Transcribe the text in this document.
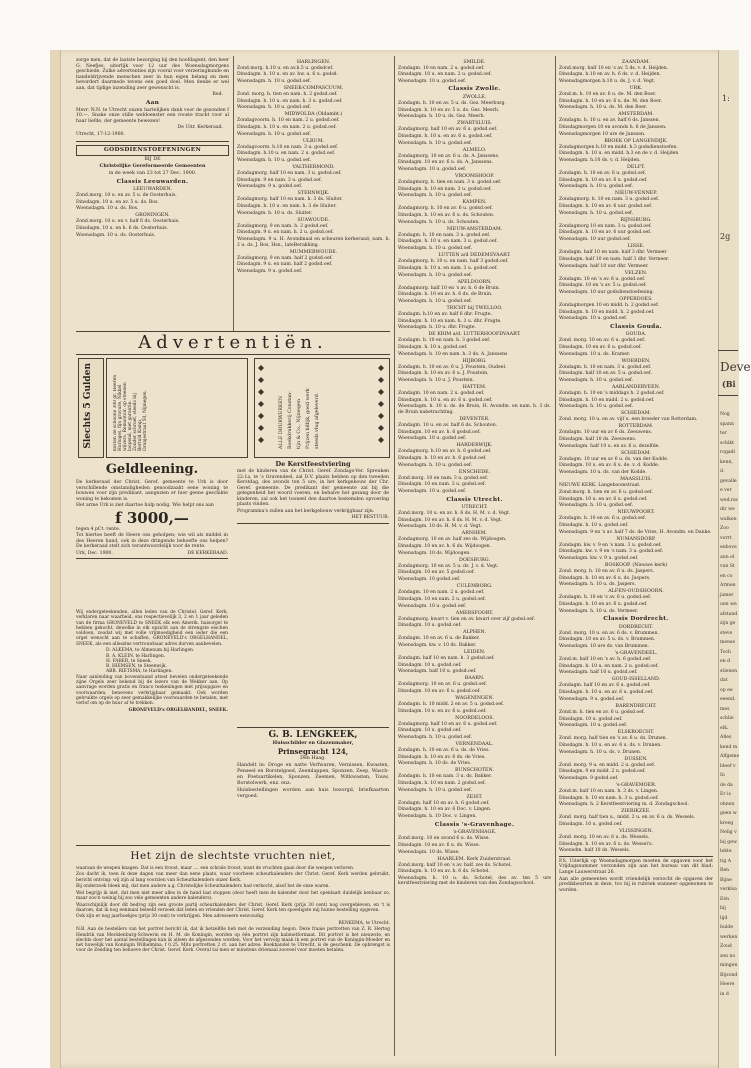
zorge men, dat de laatste bezorging bij den hoofdagent, den heer G. Neefjes, uiterlijk voor 12 uur des Woensdagmorgens geschiede. Zulke advertenties zijn vooral voor verzeringkunde en handeldrijvende menschen zeer in hun eigen belang en men bevordert daarmede tevens een goed doel. Men denke er wel aan, dat tijdige inzending zeer gewenscht is.

Red.

Aan

Mevr. N.N. te Utrecht onzen hartelijken dank voor de gezonden f 10.—. Snake onze stille weldoenster een rooste tracht voor al haar liefde, der gemeente bewezen!

De Uitr. Kerkeraad.

Utrecht, 17-12-1900.

GODSDIENSTOEFENINGEN
BIJ DE
Christelijke Gereformeerde Gemeenten
in de week van 23 tot 27 Dec. 1900.
Classis Leeuwarden.
LEEUWARDEN.

Zond.morg. 10 u. en av. 5 u. de Oosterhuis.

Dinsdagm. 10 u. en av. 5 u. ds. Bos.

Woensdagm. 10 u. ds. Bos.

GRONINGEN.

Zond.morg. 10 u. en v. half 6 ds. Oosterhuis.

Dinsdagm. 10 u. en h. 6 ds. Oosterhuis.

Woensdagm. 10 u. ds. Oosterhuis.

HARLINGEN.

Zond.morg. h.10 u. en av.h.5 u. godsdcef.

Dinsdagm. h. 10 u. en av. hw. u. 6 u. godsd.

Woensdagm. h. 10 u. godsd.oef.

SNEEK-COMPASCUUM.

Zond. morg. h. tien en nam. h. 2 godsd.oef.

Dinsdagm. h. 10 u. en nam. h. 3 u. godsd.oef.

Woensdagm. h. 10 u. godsd.oef.

MIDWOLDA (Oldambt.)

Zondagvoorm. h. 10 en nam. 2 u. godsd.oef.

Dinsdagm. h. 10 u. en nam. 2 u. godsd.oef.

Woensdagm. h. 10 u. godsd.oef.

ULRUM.

Zondagvoorm. h.10 en nam. 3 u. godsd.oef.

Dinsdagm. h.10 u. en nam. 2 u. godsd.oef.

Woensdagm. h. 10 u. godsd.oef.

VALTHERMOND.

Zondagmorg. half 10 en nam. 3 u. godsd.oef.

Dinsdagm. 9 en nam. 3 u. godsd.oef.

Woensdagm. 9 u. godsd.oef.

STERNWIJK.

Zondagmorg. half 10 en nam. h. 3 ds. Sluiter.

Dinsdagm. h. 10 u. en nam. h. 3 de Sluiter.

Woensdagm. h. 10 u. ds. Sluiter.

SUAWOUDE.

Zondagmorg. 9 en nam. h. 2 godsd.oef.

Dinsdagm. 9 u. en nam. h. 2 u. godsd.oef.

Woensdagm. 9 u. H. Avondmaal en scheuren kerkeraad; nam. h. 2 u. ds. J. Bos, Hsn., lateBerakking.

MUMMERWOUDE.

Zondagmorg. 9 en nam. half 2 godsd.oef.

Dinsdagm. 9 u. en nam. half 2 godsd.oef.

Woensdagm. 9 u. godsd.oef.

Advertentiën.
Slechts 5 Gulden	kosten de schoone 300 gr. Heeren Horloges, fijn gravure, Nikkel wijzers, Remontoir, op steenen loopend, met garantie. Zonder schroef, steeds bij Bertold Kamp, Oranjestraat 50, Nijmegen.	ALLE DRUKWERKEN Boekdrukkerij Constan- tijn & Co., Nijmegen Prijzen billijk, goed werk steeds vlug afgeleverd.
Geldleening.

De kerkeraad der Christ. Geref. gemeente te Urk is door verschillende omstandigheden genoodzaakt eene woning te bouwen voor zijn predikant, aangezien er hier geene geschikte woning te bekomen is.

Het arme Urk is ziet daartoe hulp nodig. Wie helpt ons aan

f 3000,—

tegen 4 pCt. rente.

Tot hiertoe heeft de Heere ons geholpen; wie wil als middel in des Heeren hand, ook in deze dringende behoefte ons helpen? De kerkeraad stelt zich verantwoordelijk voor de rente.

Urk, Dec. 1900.	DE KERKERAAD.
De Kerstfeestviering

met de kinderen van de Christ. Geref. Zondags-Ver. Spreuken 22:1a, te 's Gravendeel, zal D.V. plaats hebben op den tweeden Kerstdag, des avonds ten 5 ure, in het kerkgebouw der Chr. Geref. gemeente. De predikant der gemeente zal bij die gelegenheid het woord voeren, en behalve het gezang door de kinderen, zal ook het tooneel den daartoe bestemden opvoering plaats vinden.

Programma's zullen aan het kerkgebouw verkrijgbaar zijn.

HET BESTUUR.

Wij ondergeteekenden, allen leden van de Christel. Geref. Kerk, verklaren naar waarheid, ons respectievelijk 3, 2 en 1 jaar geleden van de firma GRONEVELD te SNEEK elk een Amerik. huisorgel te hebben gekocht, dewelke in elk opzicht aan de strengste eischen voldoen, zoodat wij met volle vrijmoedigheid een ieder die een orgel wenscht aan te schaffen, GRONEVELD's ORGELHANDEL, SNEEK, als een alleszins vertrouwbaar adres durven aanbevelen.

D. ALKEMA, te Almenum bij Harlingen.
B. A. KLEIN, te Harlingen.
H. FABER, te Sneek.
B. HIEMSEN, te Steenwijk.
ABR. RIETSMA, te Harlingen.

Naar aanleiding van bovenstaand attest bevelen ondergeteekende zijne Orgels zeer bekend bij de lezers van de Wekker aan. Op aanvrage worden gratis en franco teekeningen met prijsopgave en voorwaarden, benevens verkrijgbaar gemaakt. Ook worden gebruikte orgels op zeer gemakkelijke voorwaarden te betalen, met verlof om op de huur af te trekken.

GRONEVELD's ORGELHANDEL, SNEEK.

G. B. LENGKEEK,
Huisschilder en Glazenmaker,
Prinsegracht 124,
Den Haag.

Handelt in: Droge en natte Verfwaren, Vernissen, Kwasten, Penseel en Borstelgoed, Zeemlappen, Sponzen, Zeep, Wasch- en Poetsartikelen, Sponzen, Zeemen, Witkwasten, Touw, Borstelwerk, enz. enz.

Huisbestellingen worden aan huis bezorgd, briefkaarten vergoed.

Het zijn de slechtste vruchten niet,

waaraan de wespen knagen. Dat is een troost, maar .... een schrale troost, want de vruchten gaan door die wespen verloren.

Zoo dacht ik, toen ik deze dagen van meer dan eene plaats, waar voorheen scheurkalenders der Christ. Geref. Kerk werden gebruikt, bericht ontving: wij zijn al lang voorzien van Scheurkalenders onzer Kerk.

Bij onderzoek bleek mij, dat men andere a.g. Christelijke Scheurkalenders had verkocht, alsof het de onze waren.

Wel begrijp ik niet, dat men niet meer alles in de hand laat stoppen (door heeft men de kalender door het openlaatt duidelijk kenbaar zo, maar zoo'n weinig bij zoo vele gemeenten andere kalenders).

Waarschijnlijk door dit bedrog zijn een groote partij scheurkalenders der Christ. Geref. Kerk (prijs 30 cent) nog overgebleven, en 't is daarom, dat ik nog eenmaal beleefd verzoek dat leden en vrienden der Christ. Geref. Kerk ten spoedigste mij hunne bestelling opgeven.

Ook zijn er nog jaarboekjes (prijs 30 cent) te verkrijgen. Men adresseere eenvoudig:

RENKEMA, te Utrecht.

N.B. Aan de bestellers van het portret bericht ik, dat ik hetzelfde heb met de verzending begon. Deze fraaie portretten van Z. R. Hertog Hendrik van Mecklenburg-Schwerin en H. M. de Koningin, worden op één portret zijn kabinetformaat. Dit portret is het nieuwste, en slechts door het aantal bestellingen kan ik alleen de afgezonden worden. Voor het vervolg maak ik een portret van de Koningin-Moeder en het huwelijk van Koningin Wilhelmina, f 0.25. Mits portretten 2 ct. aan het adres: Boekhandel te Utrecht, is de geschenk. De opbrengst is voor de Zending ten behoeve der Christ. Geref. Kerk. Overal tal men er minstens driemaal zooveel voor moeten betalen.

SMILDE.

Zondagm. 10 en nam. 2 u. godsd.oef.

Dinsdagm. 10 u. en nam. 2 u. godsd.oef.

Woensdagm. 10 u. godsd.oef.

Classis Zwolle.
ZWOLLE.

Zondagm. h. 10 en av. 5 u. ds. Gez. Meerburg.

Dinsdagm. h. 10 en av. 5 u. ds. Gez. Meerb.

Woensdagm. h. 10 u. ds. Gez. Meerb.

ZWARTSLUIS.

Zondagmorg. half 10 en av. 6 u. godsd.oef.

Dinsdagm. h. 10 u. en av. 6 u. godsd.oef.

Woensdagm. h. 10 u. godsd.oef.

ALMELO.

Zondagmorg. 10 en av. 6 u. ds. A. Janssens.

Dinsdagm. 10 en av. 6 u. ds. A. Janssens.

Woensdagm. 10 u. godsd.oef.

VROOMSHOOP.

Zondagmorg. h. tien en nam. 3 u. godsd.oef.

Dinsdagm. h. 10 en nam. 3 u. godsd.oef.

Woensdagm. h. 10 u. godsd.oef.

KAMPEN.

Zondagmorg. h. 10 en av. 6 u. godsd.oef.

Dinsdagm. h. 10 en av. 6 u. ds. Schouten.

Woensdagm. h. 10 u. ds. Schouten.

NIEUW-AMSTERDAM.

Zondagm. h. 10 en nam. 3 u. godsd.oef.

Dinsdagm. h. 10 u. en nam. 3 u. godsd.oef.

Woensdagm. h. 10 u. godsd.oef.

LUTTEN a/d DEDEMSVAART.

Zondagmorg. h. 10 u. en nam. half 3 godsd.oef.

Dinsdagm. h. 10 u. en nam. 3 u. godsd.oef.

Woensdagm. h. 10 u. godsd.oef.

APELDOORN.

Zondagmorg. half 10 en 's av. h. 6 de Bruin.

Dinsdagm. h. 10 en av. h. 6 ds. de Bruin.

Woensdagm. h. 10 u. godsd.oef.

TRICHT bij TWELLOO.

Zondagm. h.10 en av. half 6 dhr. Frugte.

Dinsdagm. h. 10 en nam. h. 3 u. dhr. Frugte.

Woensdagm. h. 10 u. dhr. Frugte.

DE KRIM a/d. LUTTERHOOFDVAART.

Zondagm. h. 10 en nam. h. 3 godsd.oef.

Dinsdagm. h. 10 u. godsd.oef.

Woensdagm. h. 10 en nam. h. 3 ds. A. Janssens

HIJBORG.

Zondagm. h. 10 en av. 6 u. J. Poustein, Oudeel.

Dinsdagm. h. 10 en av. 6 u. J. Poustein.

Woensdagm. h. 10 u. J. Poustein.

HATTEM.

Zondagm. 10 en nam. 2 u. godsd.oef.

Dinsdagm. h. 10 u. en av. 6 u. godsd.oef.

Woensdagm. h. 10 u. ds. de Bruin, H. Avondm. en nam. h. 3 ds. de Bruin nabetrachting.

DEVENTER.

Zondagm. 10 u. en av. half 6 ds. Schouten.

Dinsdagm. 10 en av. h. 6 godsd.oef.

Woensdagm. 10 u. godsd.oef.

HARDERWIJK.

Zondagmorg. h.10 en av. h. 6 godsd.oef.

Dinsdagm. h. 10 en av. h. 6 godsd.oef.

Woensdagm. h. 10 u. godsd.oef.

ENSCHEDE.

Zond.morg. 10 en nam. 3 u. godsd.oef.

Dinsdagm. 10 en nam. 3 u. godsd.oef.

Woensdagm. 10 u. godsd.oef.

Classis Utrecht.
UTRECHT.

Zond.morg. 10 u. en av. h. 6 ds. H. M. v. d. Vegt.

Dinsdagm. 10 en av. h. 6 ds. H. M. v. d. Vegt.

Woensdagm. 10 ds. H. M. v. d. Vegt.

ARNHEM.

Zondagmorg. 10 en av. half zes ds. Wijdoogen.

Dinsdagm. 10 en av. h. 6 ds. Wijdoogen.

Woensdagm. 10 ds. Wijdoogen.

DOESBURG.

Zondagmorg. 10 en av. 5 u. ds. J. v. d. Vegt.

Dinsdagm. 10 en av. 5 godsd.oef.

Woensdagm. 10 godsd.oef.

CULEMBORG.

Zondagm. 10 en nam. 2 u. godsd.oef.

Dinsdagm. 10 en nam. 2 u. godsd.oef.

Woensdagm. 10 u. godsd.oef.

AMERSFOORT.

Zondagmorg. kwart v. tien en av. kwart over zijf godsd.oef.

Dinsdagm. 10 u. godsd.oef.

ALPHEN.

Zondagm. 10 en av. 6 u. de Bakker.

Woensdagm. kw. v. 10 ds. Bakker.

LEIDEN.

Zondagm. half 10 en nam. h. 3 godsd.oef.

Dinsdagm. 10 u. godsd.oef.

Woensdagm. half 10 u. godsd.oef.

BAARN.

Zondagmorg. 10 en av. 6 u. godsd.oef.

Dinsdagm. 10 en av. 6 u. godsd.oef.

WAGENINGEN.

Zondagm. h. 10 midd. 2 en av. 5 u. godsd.oef.

Dinsdagm. 10 u. en av. 6 u. godsd.oef.

NOORDELOOS.

Zondagmorg. half 10 en av. 6 u. godsd.oef.

Dinsdagm. 10 u. godsd.oef.

Woensdagm. h. 10 u. godsd.oef.

VERNENDAAL.

Zondagm. h. 10 en av. 6 u. ds. de Vries.

Dinsdagm. h. 10 en av. 6 ds. de Vries.

Woensdagm. h. 10 ds. de Vries.

BUNSCHOTEN.

Zondagm. h. 10 en nam. 3 u. ds. Bakker.

Dinsdagm. h. 10 en nam. 2 godsd.oef.

Woensdagm. h. 10 u. godsd.oef.

ZEIST.

Zondagm. half 10 en av. h. 6 godsd.oef.

Dinsdagm. h. 10 en av. 6 Doc. v. Lingen.

Woensdagm. h. 10 Doc. v. Lingen.

Classis 's-Gravenhage.
's-GRAVENHAGE.

Zond.morg. 10 en avond 6 u. ds. Wisse.

Dinsdagm. 10 en av. 6 u. ds. Wisse.

Woensdagm. 10 ds. Wisse.

HAARLEM. Kerk Zuiderstraat.

Zond.morg. half 10 en 's av. half. zes ds. Schotel.

Dinsdagm. h. 10 en av. h. 6 ds. Schotel.

Woensdagm. h. 10 u. ds. Schotel, des av. ten 5 ure kerstfeestviering met de kinderen van den Zondagsschool.

ZAANDAM.

Zond.morg. half 10 en 's av. 5 ds. v. d. Heijden.

Dinsdagm. h.10 en av. h. 6 ds. v. d. Heijden.

Woensdagmorgen h.10 u. ds. J. v. d. Vegt.

URK.

Zond.m. h. 10 en av. 6 u. de. M. den Boer.

Dinsdagm. h. 10 en av. 6 u. de. M. den Boer.

Woensdagm. h. 10 u. ds. M. den Boer.

AMSTERDAM.

Zondagm. h. 10 u. en av. half 6 ds. Janssen.

Dinsdagmorgen 10 en avonds h. 6 de Janssen.

Woensdagmorgen 10 ure de Janssen.

BROEK OP LANGENDIJK.

Zondagmorgen h.10 en midd. h.3 godsdienstoefen.

Dinsdagm. h. 10 u. en midd. h.3 en de v. d. Heijden

Woensdagm. h.10 ds. v. d. Heijden.

DELFT.

Zondagm. h. 10 en av. 6 u. godsd.oef.

Dinsdagm. h. 10 en av. 6 u. godsd.oef.

Woensdagm. h. 10 u. godsd.oef.

NIEUW-VENNEP.

Zondagmorg. h. 10 en nam. 3 u. godsd.oef.

Dinsdagm. h. 10 en av. 6 uur. godsd.oef.

Woensdagm. h. 10 u. godsd.oef.

RIJNSBURG.

Zondagmorg 10 en nam. 3 u. godsd.oef.

Dinsdagm. h. 10 en av. 6 uur godsd.oef.

Woensdagm. 10 uur godsd.oef.

LISSE.

Zondagm. half 10 en nam. half 3 dhr. Vermeer

Dinsdagm. half 10 en nam. half 3 dhr. Vermeer.

Woensdagm. half 10 uur dhr. Vermeer.

VELZEN.

Zondagm. 10 en 's av. 6 u. godsd.oef.

Dinsdagm. 10 en 's av. 5 u. godsd.oef.

Woensdagm. 10 uur godsdienstoefening.

OPPERDOES.

Zondagmorgen 10 en midd. h. 2 godsd.oef.

Dinsdagm. h. 10 en midd. h. 2 godsd.oef.

Woensdagm. 10 u. godsd.oef.

Classis Gouda.
GOUDA.

Zond. morg. 10 en av. 6 u. godsd.oef.

Dinsdagm. 10 en av. 6 u. godsd.oef.

Woensdagm. 10 u. ds. Kramer.

WOERDEN.

Zondagm. h. 10 en nam. 3 u. godsd.oef.

Dinsdagm. half 10 en av. 5 u. godsd.oef.

Woensdagm. h. 10 u. godsd.oef.

AARLANDERVEEN.

Zondagm. h. 10 en 's middags h. 2 godsd.oef.

Dinsdagm. h. 10 en midd. 2 u. godsd.oef.

Woensdagm. h. 10 u. godsd.oef.

SCHIEDAM.

Zond. morg. 10 u. en av. vijf u. een broeder van Rotterdam.

ROTTERDAM.

Zondagm. 10 uur en av 6 ds. Zeeuwens.

Dinsdagm. half 10 ds. Zeeuwens.

Woensdagm. half 10 u. en av. 6 u. dezelfde.

SCHIEDAM.

Zondagm. 10 uur en av 6 u. ds. van der Kodde.

Dinsdagm. 10 u. en av. 6 u. de. v. d. Kodde.

Woensdagm. 10 u. ds. van der Kodde.

MAASSLUIS.

NIEUWE KERK. Langeboomstraat.

Zond.morg. h. tien en av. 6 u. godsd.oef.

Dinsdagm. 10 u. en av. 6 u. godsd.oef.

Woensdagm. h. 10 u. godsd.oef.

NIEUWPOORT.

Zondagm. h. 10 en av. 6 u. godsd.oef.

Dinsdagm. h. 10 u. godsd.oef.

Woensdagm. 9 en 's av. half 7 ds. de Vries, H. Avondm. en Danke.

NUMANSDORP.

Zondagm. kw. v. 9 en 's nam. 3 u. godsd.oef.

Dinsdagm. kw. v. 9 en 's nam. 3 u. godsd.oef.

Woensdagm. kw. v. 9 u. godsd.oef.

BOSKOOP. (Nieuwe kerk)

Zond. morg. h. 10 en av. 6 u. ds. Jaspers.

Dinsdagm. h. 10 en av. 6 u. ds. Jaspers.

Woensdagm. h. 10 u. ds. Jaspers.

ALFEN-OUDSHOORN.

Zondagm. h. 10 en 's av. 6 u. godsd.oef.

Dinsdagm. h. 10 en av. 6 u. godsd.oef.

Woensdagm. h. 10 u. ds. Vermeer.

Classis Dordrecht.
DORDRECHT.

Zond. morg. 10 u. en av. 6 ds. v. Brummen.

Dinsdagm. 10 en av. 5 u. ds. v. Brummen.

Woensdagm. 10 ure ds. van Brummen.

's-GRAVENDEEL.

Zond.m. half 10 en 's av. h. 6 godsd.oef.

Dinsdagm. h. 10 u. en nam. 2 u. godsd.oef.

Woensdagm. half 10 u. godsd.oef.

GOUD-ISSELLAND.

Zondagm. half 10 en av. 6 u. godsd.oef.

Dinsdagm. h. 10 u. en av. 6 u. godsd.oef.

Woensdagm. 9 u. godsd.oef.

BARENDRECHT.

Zond.m. h. tien en av. 6 u. godsd.oef.

Dinsdagm. 10 u. godsd.oef.

Woensdagm. 10 u. godsd.oef.

ELSKROECHT.

Zond. morg. half tien en 's av. 6 u. ds. Drunen.

Dinsdagm. h. 10 u. en av. 6 u. ds. v. Drunen.

Woensdagm. h. 10 u. ds. v. Drunen.

DUSSEN.

Zond. morg. 9 u. en midd. 2 u. godsd.oef.

Dinsdagm. 9 en midd. 2 u. godsd.oef.

Woensdagm. 9 godsd.oef.

's-GRAVEMOER.

Zond.m. half 10 en nam. h. 3 ds. v. Lingen.

Dinsdagm. h. 10 en nam. h. 3 u. godsd.oef.

Woensdagm. h. 2 Kerstfeestviering m. d. Zondagschool.

ZIERIKZEE.

Zond. morg. half tien u., midd. 2 u. en av. 6 u. ds. Wessels.

Dinsdagm. 10 u. godsd.oef.

VLISSINGEN.

Zond. morg. 10 en av. 6 u. ds. Wessels.

Dinsdagm. h. 10 en av. 6 u. ds. Wessel's.

Woensdm. half 10 ds. Wessels.

P.S. Uiterlijk op Woensdagmorgen moeten de opgaven voor het Vrijdagsnummer verzonden zijn aan het bureau van dit blad: Lange Lauwerstraat 26.

Aan alle gemeenten wordt vriendelijk verzocht de opgaven der predikbeurten in deze, tvo bij ie rubriek wanneer opgenomen te worden.

1:
2g
Deve
(Bi
Nog
spann
ter
schikt
rogadi
kenn,
d.
gevalle
e ver
wed.nw
dir we
walken
Zoo
vorrt
enbove
ann el
van St
en co
Armen
jamer
uen we
afstand
zijn ge
steve
mense
Toch
en d
stienen
dat
op ee
eeend.
mes
schlie
elk.
Alles
kend m
Alfgeme
bleef v
In
de da
Er is
ohnen
geen w
kreeg
Nelig v
bij gew
lekte
tig A
Ren
Bijne
verklsa
Eén
bij
lijd
hulde
werken
Zoud
zen no
mingen
Bijzond
Heere
in d
